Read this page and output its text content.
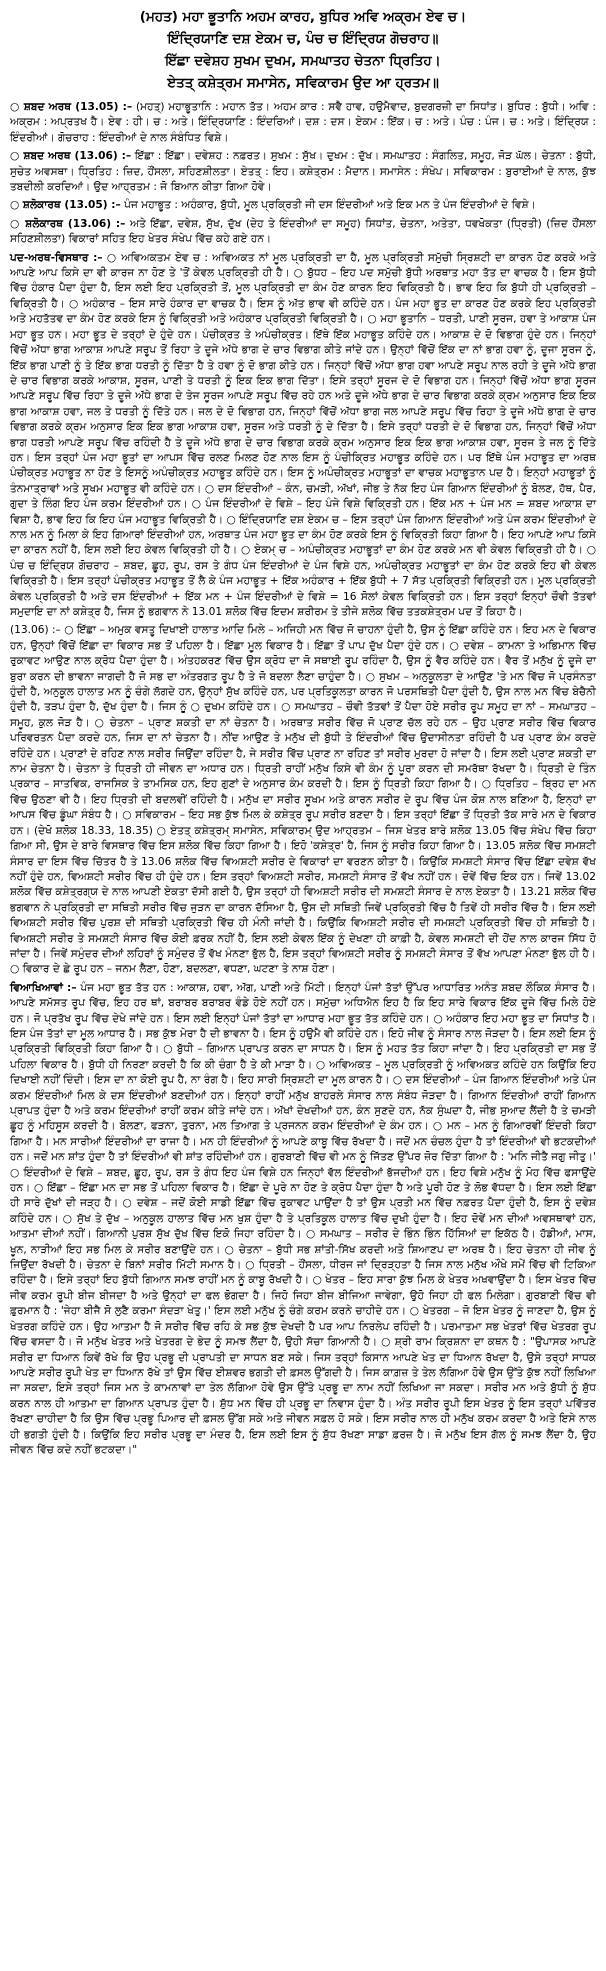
(ਮਹਤ) ਮਹਾ ਭੂਤਾਨਿ ਅਹਮ ਕਾਰਹ, ਬੁਧਿਰ ਅਵਿ ਅਕ੍ਰਮ ਏਵ ਚ।
ਇੰਦ੍ਰਿਯਾਣਿ ਦਸ਼ ਏਕਮ ਚ, ਪੰਚ ਚ ਇੰਦ੍ਰਿਯ ਗੋਚਰਾਹ॥
ਇੱਛਾ ਦਵੇਸ਼ਹ ਸੁਖਮ ਦੁਖਮ, ਸਮਘਾਤਹ ਚੇਤਨਾ ਧ੍ਰਿਤਿਹ।
ਏਤਤ੍ ਕਸ਼ੇਤ੍ਰਮ ਸਮਾਸੇਨ, ਸਵਿਕਾਰਮ ਉਦ ਆ ਹ੍ਰਤਮ॥

○ ਸ਼ਬਦ ਅਰਥ (13.05) :– (ਮਹਤ੍) ਮਹਾਭੂਤਾਨਿ : ਮਹਾਨ ਤੱਤ। ਅਹਮ ਕਾਰ : ਸਵੈ ਹਾਵ, ਹਉਮੈਵਾਦ, ਬੁਦਗਰਜ਼ੀ ਦਾ ਸਿਧਾਂਤ। ਬੁਧਿਰ : ਬੁੱਧੀ। ਅਵਿ : ਅਕ੍ਰਮ : ਅਪ੍ਰਤਖ ਹੈ। ਏਵ : ਹੀ। ਚ : ਅਤੇ। ਇੰਦ੍ਰਿਯਾਣਿ : ਇੰਦਰਿਆਂ। ਦਸ਼ : ਦਸ। ਏਕਮ : ਇੱਕ। ਚ : ਅਤੇ। ਪੰਚ : ਪੰਜ। ਚ : ਅਤੇ। ਇੰਦ੍ਰਿਯ : ਇੰਦਰੀਆਂ। ਗੋਚਰਾਹ : ਇੰਦਰੀਆਂ ਦੇ ਨਾਲ ਸੰਬੰਧਿਤ ਵਿਸ਼ੇ।

○ ਸ਼ਬਦ ਅਰਥ (13.06) :– ਇੱਛਾ : ਇੱਛਾ। ਦਵੇਸ਼ਹ : ਨਫ਼ਰਤ। ਸੁਖਮ : ਸੁੱਖ। ਦੁਖਮ : ਦੁੱਖ। ਸਮਘਾਤਹ : ਸੰਗਲਿਤ, ਸਮੂਹ, ਜੋੜ ਘੱਲ। ਚੇਤਨਾ : ਬੁੱਧੀ, ਸੁਚੇਤ ਅਵਸਥਾ। ਧ੍ਰਿਤਿਹ : ਜ਼ਿਦ, ਹੌਂਸਲਾ, ਸਹਿਣਸ਼ੀਲਤਾ। ਏਤਤ੍ : ਇਹ। ਕਸ਼ੇਤ੍ਰਮ : ਮੈਦਾਨ। ਸਮਾਸੇਨ : ਸੰਖੇਪ। ਸਵਿਕਾਰਮ : ਬੁਰਾਈਆਂ ਦੇ ਨਾਲ, ਕੁੱਝ ਤਬਦੀਲੀ ਕਰਦਿਆਂ। ਉਦ ਆਹ੍ਰਤਮ : ਜੋ ਬਿਆਨ ਕੀਤਾ ਗਿਆ ਹੋਵੇ।

○ ਸ਼ਲੋਕਾਰਥ (13.05) :– ਪੰਜ ਮਹਾਭੂਤ : ਅਹੰਕਾਰ, ਬੁੱਧੀ, ਮੂਲ ਪ੍ਰਕ੍ਰਿਤੀ ਜੀ ਦਸ ਇੰਦਰੀਆਂ ਅਤੇ ਇਕ ਮਨ ਤੇ ਪੰਜ ਇੰਦਰੀਆਂ ਦੇ ਵਿਸ਼ੇ।

○ ਸ਼ਲੋਕਾਰਥ (13.06) :– ਅਤੇ ਇੱਛਾ, ਦਵੇਸ਼, ਸੁੱਖ, ਦੁੱਖ (ਦੇਹ ਤੇ ਇੰਦਰੀਆਂ ਦਾ ਸਮੂਹ) ਸਿਧਾਂਤ, ਚੇਤਨਾ, ਅਤੇਤਾ, ਧਵਖੋਕਤਾ (ਧ੍ਰਿਤੀ) (ਜ਼ਿਦ ਹੌਂਸਲਾ ਸਹਿਣਸ਼ੀਲਤਾ) ਵਿਕਾਰਾਂ ਸਹਿਤ ਇਹ ਖੇਤਰ ਸੰਖੇਪ ਵਿੱਚ ਕਹੇ ਗਏ ਹਨ।

ਪਦ-ਅਰਥ-ਵਿਸਥਾਰ :– ○ ਅਵਿਅਕਤਮ ਏਵ ਚ : ਅਵਿਅਕਤ ਨਾਂ ਮੂਲ ਪ੍ਰਕ੍ਰਿਤੀ ਦਾ ਹੈ, ਮੂਲ ਪ੍ਰਕ੍ਰਿਤੀ ਸਮੁੱਚੀ ਸ੍ਰਿਸ਼ਟੀ ਦਾ ਕਾਰਨ ਹੋਣ ਕਰਕੇ ਅਤੇ ਆਪਣੇ ਆਪ ਕਿਸੇ ਦਾ ਵੀ ਕਾਰਜ ਨਾ ਹੋਣ ਤੇ 'ਤੋਂ ਕੇਵਲ ਪ੍ਰਕ੍ਰਿਤੀ ਹੀ ਹੈ। ○ ਬੁੱਧਹ – ਇਹ ਪਦ ਸਮੁੱਚੀ ਬੁੱਧੀ ਅਰਥਾਤ ਮਹਾ ਤੱਤ ਦਾ ਵਾਚਕ ਹੈ। ਇਸ ਬੁੱਧੀ ਵਿੱਚ ਹੰਕਾਰ ਪੈਦਾ ਹੁੰਦਾ ਹੈ, ਇਸ ਲਈ ਇਹ ਪ੍ਰਕ੍ਰਿਤੀ ਤੋਂ, ਮੂਲ ਪ੍ਰਕ੍ਰਿਤੀ ਦਾ ਕੰਮ ਹੋਣ ਕਾਰਨ ਇਹ ਵਿਕ੍ਰਿਤੀ ਹੈ। ਭਾਵ ਇਹ ਕਿ ਬੁੱਧੀ ਹੀ ਪ੍ਰਕ੍ਰਿਤੀ – ਵਿਕ੍ਰਿਤੀ ਹੈ। ○ ਅਹੰਕਾਰ – ਇਸ ਸਾਰੇ ਹੰਕਾਰ ਦਾ ਵਾਚਕ ਹੈ। ਇਸ ਨੂੰ ਅੱਤ ਭਾਵ ਵੀ ਕਹਿੰਦੇ ਹਨ। ਪੰਜ ਮਹਾ ਭੂਤ ਦਾ ਕਾਰਣ ਹੋਣ ਕਰਕੇ ਇਹ ਪ੍ਰਕ੍ਰਿਤੀ ਅਤੇ ਮਹਤੱਤਵ ਦਾ ਕੰਮ ਹੋਣ ਕਰਕੇ ਇਸ ਨੂੰ ਵਿਕ੍ਰਿਤੀ ਅਤੇ ਅਹੰਕਾਰ ਪ੍ਰਕ੍ਰਿਤੀ ਵਿਕ੍ਰਿਤੀ ਹੈ। ○ ਮਹਾ ਭੂਤਾਨਿ – ਧਰਤੀ, ਪਾਣੀ ਸੂਰਜ, ਹਵਾ ਤੇ ਆਕਾਸ਼ ਪੰਜ ਮਹਾ ਭੂਤ ਹਨ। ਮਹਾ ਭੂਤ ਦੇ ਤਰ੍ਹਾਂ ਦੇ ਹੁੰਦੇ ਹਨ। ਪੰਚੀਕ੍ਰਤ ਤੇ ਅਪੰਚੀਕ੍ਰਤ। ਇੱਥੇ ਇੱਕ ਮਹਾਭੂਤ ਕਹਿੰਦੇ ਹਨ। ਆਕਾਸ਼ ਦੇ ਦੋ ਵਿਭਾਗ ਹੁੰਦੇ ਹਨ। ਜਿਨ੍ਹਾਂ ਵਿੱਚੋਂ ਅੱਧਾ ਭਾਗ ਆਕਾਸ਼ ਆਪਣੇ ਸਰੂਪ ਤੋਂ ਰਿਹਾ ਤੇ ਦੂਜੇ ਅੱਧੇ ਭਾਗ ਦੇ ਚਾਰ ਵਿਭਾਗ ਕੀਤੇ ਜਾਂਦੇ ਹਨ। ਉਨ੍ਹਾਂ ਵਿੱਚੋਂ ਇੱਕ ਦਾ ਨਾਂ ਭਾਗ ਹਵਾ ਨੂੰ, ਦੂਜਾ ਸੂਰਜ ਨੂੰ, ਇੱਕ ਭਾਗ ਪਾਣੀ ਨੂੰ ਤੇ ਇੱਕ ਭਾਗ ਧਰਤੀ ਨੂੰ ਦਿੱਤਾ ਹੈ ਤੇ ਹਵਾ ਨੂੰ ਦੋ ਭਾਗ ਕੀਤੇ ਹਨ। ਜਿਨ੍ਹਾਂ ਵਿੱਚੋਂ ਅੱਧਾ ਭਾਗ ਹਵਾ ਆਪਣੇ ਸਰੂਪ ਨਾਲ ਰਹੀ ਤੇ ਦੂਜੇ ਅੱਧੇ ਭਾਗ ਦੇ ਚਾਰ ਵਿਭਾਗ ਕਰਕੇ ਆਕਾਸ਼, ਸੂਰਜ, ਪਾਣੀ ਤੇ ਧਰਤੀ ਨੂੰ ਇਕ ਇਕ ਭਾਗ ਦਿੱਤਾ। ਇਸੇ ਤਰ੍ਹਾਂ ਸੂਰਜ ਦੇ ਦੋ ਵਿਭਾਗ ਹਨ। ਜਿਨ੍ਹਾਂ ਵਿੱਚੋਂ ਅੱਧਾ ਭਾਗ ਸੂਰਜ ਆਪਣੇ ਸਰੂਪ ਵਿੱਚ ਰਿਹਾ ਤੇ ਦੂਜੇ ਅੱਧੇ ਭਾਗ ਦੇ ਤੇਜ ਸੂਰਜ ਆਪਣੇ ਸਰੂਪ ਵਿੱਚ ਰਹੇ ਹਨ ਅਤੇ ਦੂਜੇ ਅੱਧੇ ਭਾਗ ਦੇ ਚਾਰ ਵਿਭਾਗ ਕਰਕੇ ਕ੍ਰਮ ਅਨੁਸਾਰ ਇਕ ਇਕ ਭਾਗ ਆਕਾਸ਼ ਹਵਾ, ਜਲ ਤੇ ਧਰਤੀ ਨੂੰ ਦਿੱਤੇ ਹਨ। ਜਲ ਦੇ ਦੋ ਵਿਭਾਗ ਹਨ, ਜਿਨ੍ਹਾਂ ਵਿੱਚੋਂ ਅੱਧਾ ਭਾਗ ਜਲ ਆਪਣੇ ਸਰੂਪ ਵਿੱਚ ਰਿਹਾ ਤੇ ਦੂਜੇ ਅੱਧੇ ਭਾਗ ਦੇ ਚਾਰ ਵਿਭਾਗ ਕਰਕੇ ਕ੍ਰਮ ਅਨੁਸਾਰ ਇਕ ਇਕ ਭਾਗ ਆਕਾਸ਼ ਹਵਾ, ਸੂਰਜ ਅਤੇ ਧਰਤੀ ਨੂੰ ਦੇ ਦਿੱਤਾ ਹੈ। ਇਸੇ ਤਰ੍ਹਾਂ ਧਰਤੀ ਦੇ ਦੋ ਵਿਭਾਗ ਹਨ, ਜਿਨ੍ਹਾਂ ਵਿੱਚੋਂ ਅੱਧਾ ਭਾਗ ਧਰਤੀ ਆਪਣੇ ਸਰੂਪ ਵਿੱਚ ਰਹਿੰਦੀ ਹੈ ਤੇ ਦੂਜੇ ਅੱਧੇ ਭਾਗ ਦੇ ਚਾਰ ਵਿਭਾਗ ਕਰਕੇ ਕ੍ਰਮ ਅਨੁਸਾਰ ਇਕ ਇਕ ਭਾਗ ਆਕਾਸ਼ ਹਵਾ, ਸੂਰਜ ਤੇ ਜਲ ਨੂੰ ਦਿੱਤੇ ਹਨ। ਇਸ ਤਰ੍ਹਾਂ ਪੰਜ ਮਹਾ ਭੂਤਾਂ ਦਾ ਆਪਸ ਵਿੱਚ ਰਲਣ ਮਿਲਣ ਹੋਣ ਨਾਲ ਇਸ ਨੂੰ ਪੰਚੀਕ੍ਰਿਤ ਮਹਾਭੂਤ ਕਹਿੰਦੇ ਹਨ। ਪਰ ਇੱਥੇ ਪੰਜ ਮਹਾਭੂਤ ਦਾ ਅਰਥ ਪੰਚੀਕ੍ਰਤ ਮਹਾਭੂਤ ਨਾ ਹੋਣ ਤੇ ਇਸਨੂੰ ਅਪੰਚੀਕ੍ਰਤ ਮਹਾਭੂਤ ਕਹਿੰਦੇ ਹਨ। ਇਸ ਨੂੰ ਅਪੰਚੀਕ੍ਰਤ ਮਹਾਭੂਤਾਂ ਦਾ ਵਾਚਕ ਮਹਾਭੂਤਾਨ ਪਦ ਹੈ। ਇਨ੍ਹਾਂ ਮਹਾਭੂਤਾਂ ਨੂੰ ਤੰਨਮਾਤ੍ਰਾਵਾਂ ਅਤੇ ਸੂਖਮ ਮਹਾਭੂਤ ਵੀ ਕਹਿੰਦੇ ਹਨ। ○ ਦਸ ਇੰਦਰੀਆਂ – ਕੰਨ, ਚਮੜੀ, ਅੱਖਾਂ, ਜੀਭ ਤੇ ਨੱਕ ਇਹ ਪੰਜ ਗਿਆਨ ਇੰਦਰੀਆਂ ਨੂੰ ਬੋਲਣ, ਹੱਥ, ਪੈਰ, ਗੁਦਾ ਤੇ ਲਿੰਗ ਇਹ ਪੰਜ ਕਰਮ ਇੰਦਰੀਆਂ ਹਨ। ○ ਪੰਜ ਇੰਦਰੀਆਂ ਦੇ ਵਿਸ਼ੇ – ਇਹ ਪੰਜੇ ਵਿਸ਼ੇ ਵਿਕ੍ਰਿਤੀ ਹਨ। ਇੱਕ ਮਨ + ਪੰਜ ਮਨ = ਸ਼ਬਦ ਆਕਾਸ਼ ਦਾ ਵਿਸ਼ਾ ਹੈ, ਭਾਵ ਇਹ ਕਿ ਇਹ ਪੰਜ ਮਹਾਭੂਤ ਵਿਕ੍ਰਿਤੀ ਹੈ। ○ ਇੰਦ੍ਰਿਯਾਣਿ ਦਸ਼ ਏਕਮ ਚ – ਇਸ ਤਰ੍ਹਾਂ ਪੰਜ ਗਿਆਨ ਇੰਦਰੀਆਂ ਅਤੇ ਪੰਜ ਕਰਮ ਇੰਦਰੀਆਂ ਦੇ ਨਾਲ ਮਨ ਨੂੰ ਮਿਲਾ ਕੇ ਇਹ ਗਿਆਰਾਂ ਇੰਦਰੀਆਂ ਹਨ, ਅਰਥਾਤ ਪੰਜ ਮਹਾ ਭੂਤ ਦਾ ਕੰਮ ਹੋਣ ਕਰਕੇ ਇਸ ਨੂੰ ਵਿਕ੍ਰਿਤੀ ਕਿਹਾ ਗਿਆ ਹੈ। ਇਹ ਆਪਣੇ ਆਪ ਕਿਸੇ ਦਾ ਕਾਰਨ ਨਹੀਂ ਹੈ, ਇਸ ਲਈ ਇਹ ਕੇਵਲ ਵਿਕ੍ਰਿਤੀ ਹੀ ਹੈ। ○ ਏਕਮ੍ ਚ – ਅਪੰਚੀਕ੍ਰਤ ਮਹਾਭੂਤਾਂ ਦਾ ਕੰਮ ਹੋਣ ਕਰਕੇ ਮਨ ਵੀ ਕੇਵਲ ਵਿਕ੍ਰਿਤੀ ਹੀ ਹੈ। ○ ਪੰਚ ਚ ਇੰਦ੍ਰਿਯ ਗੋਚਰਾਹ – ਸ਼ਬਦ, ਛੂਹ, ਰੂਪ, ਰਸ ਤੇ ਗੰਧ ਪੰਜ ਇੰਦਰੀਆਂ ਦੇ ਪੰਜ ਵਿਸ਼ੇ ਹਨ, ਅਪੰਚੀਕ੍ਰਤ ਮਹਾਭੂਤਾਂ ਦਾ ਕੰਮ ਹੋਣ ਕਰਕੇ ਇਹ ਵੀ ਕੇਵਲ ਵਿਕ੍ਰਿਤੀ ਹੈ। ਇਸ ਤਰ੍ਹਾਂ ਪੰਚੀਕ੍ਰਤ ਮਹਾਭੂਤ ਤੋਂ ਲੈ ਕੇ ਪੰਜ ਮਹਾਭੂਤ + ਇੱਕ ਅਹੰਕਾਰ + ਇੱਕ ਬੁੱਧੀ + 7 ਸੱਤ ਪ੍ਰਕ੍ਰਿਤੀ ਵਿਕ੍ਰਿਤੀ ਹਨ। ਮੂਲ ਪ੍ਰਕ੍ਰਿਤੀ ਕੇਵਲ ਪ੍ਰਕ੍ਰਿਤੀ ਹੈ ਅਤੇ ਦਸ ਇੰਦਰੀਆਂ + ਇੱਕ ਮਨ + ਪੰਜ ਇੰਦਰੀਆਂ ਦੇ ਵਿਸ਼ੇ = 16 ਸੋਲਾਂ ਕੇਵਲ ਵਿਕ੍ਰਿਤੀ ਹਨ। ਇਸ ਤਰ੍ਹਾਂ ਇਨ੍ਹਾਂ ਚੌਵੀ ਤੱਤਵਾਂ ਸਮੁਦਾਇ ਦਾ ਨਾਂ ਕਸ਼ੇਤ੍ਰ ਹੈ, ਜਿਸ ਨੂੰ ਭਗਵਾਨ ਨੇ 13.01 ਸ਼ਲੋਕ ਵਿੱਚ ਇਦਮ ਸ਼ਰੀਰਮ ਤੇ ਤੀਜੇ ਸ਼ਲੋਕ ਵਿੱਚ ਤਤਕਸ਼ੇਤ੍ਰਮ ਪਦ ਤੋਂ ਕਿਹਾ ਹੈ।

(13.06) :– ○ ਇੱਛਾ – ਅਮੁਕ ਵਸਤੂ ਦਿਖਾਈ ਹਾਲਾਤ ਆਦਿ ਮਿਲੇ – ਅਜਿਹੀ ਮਨ ਵਿੱਚ ਜੋ ਚਾਹਨਾ ਹੁੰਦੀ ਹੈ, ਉਸ ਨੂੰ ਇੱਛਾ ਕਹਿੰਦੇ ਹਨ। ਇਹ ਮਨ ਦੇ ਵਿਕਾਰ ਹਨ, ਉਨ੍ਹਾਂ ਵਿੱਚੋਂ ਇੱਛਾ ਦਾ ਵਿਕਾਰ ਸਭ ਤੋਂ ਪਹਿਲਾ ਹੈ। ਇੱਛਾ ਮੂਲ ਵਿਕਾਰ ਹੈ। ਇੱਛਾ ਤੋਂ ਪਾਪ ਦੁੱਖ ਪੈਦਾ ਹੁੰਦੇ ਹਨ। ○ ਦਵੇਸ਼ – ਕਾਮਨਾ ਤੇ ਅਭਿਮਾਨ ਵਿੱਚ ਰੁਕਾਵਟ ਆਉਣ ਨਾਲ ਕ੍ਰੋਧ ਪੈਦਾ ਹੁੰਦਾ ਹੈ। ਅੰਤਹਕਰਣ ਵਿੱਚ ਉਸ ਕ੍ਰੋਧ ਦਾ ਜੋ ਸਥਾਈ ਰੂਪ ਰਹਿੰਦਾ ਹੈ, ਉਸ ਨੂੰ ਵੈਰ ਕਹਿੰਦੇ ਹਨ। ਵੈਰ ਤੋਂ ਮਨੁੱਖ ਨੂੰ ਦੂਜੇ ਦਾ ਬੁਰਾ ਕਰਨ ਦੀ ਭਾਵਨਾ ਜਾਗਦੀ ਹੈ ਜੋ ਸਭ ਦਾ ਅੰਤਰਗਤ ਰੂਪ ਹੈ ਤੇ ਜੋ ਬਦਲਾ ਲੈਣਾ ਚਾਹੁੰਦਾ ਹੈ। ○ ਸੁਖਮ – ਅਨੁਕੂਲਤਾ ਦੇ ਆਉਣ 'ਤੇ ਮਨ ਵਿੱਚ ਜੋ ਪ੍ਰਸੰਨਤਾ ਹੁੰਦੀ ਹੈ, ਅਨੁਕੂਲ ਹਾਲਾਤ ਮਨ ਨੂੰ ਚੰਗੇ ਲੱਗਦੇ ਹਨ, ਉਨ੍ਹਾਂ ਸੁੱਖ ਕਹਿੰਦੇ ਹਨ, ਪਰ ਪ੍ਰਤਿਕੂਲਤਾ ਕਾਰਨ ਜੋ ਪਰਸਥਿਤੀ ਪੈਦਾ ਹੁੰਦੀ ਹੈ, ਉਸ ਨਾਲ ਮਨ ਵਿੱਚ ਬੇਚੈਨੀ ਹੁੰਦੀ ਹੈ, ਤੜਪ ਹੁੰਦਾ ਹੈ, ਦੁੱਖ ਹੁੰਦਾ ਹੈ। ਜਿਸ ਨੂੰ ○ ਦੁਖਮ ਕਹਿੰਦੇ ਹਨ। ○ ਸਮਘਾਤਹ – ਚੌਵੀ ਤੱਤਵਾਂ ਤੋਂ ਪੈਦਾ ਹੋਏ ਸਰੀਰ ਰੂਪ ਸਮੂਹ ਦਾ ਨਾਂ – ਸਮਘਾਤਹ – ਸਮੂਹ, ਕੁਲ ਜੋੜ ਹੈ। ○ ਚੇਤਨਾ – ਪ੍ਰਾਣ ਸ਼ਕਤੀ ਦਾ ਨਾਂ ਚੇਤਨਾ ਹੈ। ਅਰਥਾਤ ਸਰੀਰ ਵਿੱਚ ਜੋ ਪ੍ਰਾਣ ਚੱਲ ਰਹੇ ਹਨ – ਉਹ ਪ੍ਰਾਣ ਸਰੀਰ ਵਿੱਚ ਵਿਕਾਰ ਪਰਿਵਰਤਨ ਪੈਦਾ ਕਰਦੇ ਹਨ, ਜਿਸ ਦਾ ਨਾਂ ਚੇਤਨਾ ਹੈ। ਨੀਂਦ ਆਉਣ ਤੇ ਮਨੁੱਖ ਦੀ ਬੁੱਧੀ ਤੇ ਇੰਦਰੀਆਂ ਵਿੱਚ ਉਦਾਸੀਨਤਾ ਰਹਿੰਦੀ ਹੈ ਪਰ ਪ੍ਰਾਣ ਕੰਮ ਕਰਦੇ ਰਹਿੰਦੇ ਹਨ। ਪ੍ਰਾਣਾਂ ਦੇ ਰਹਿਣ ਨਾਲ ਸਰੀਰ ਜਿਉਂਦਾ ਰਹਿੰਦਾ ਹੈ, ਜੇ ਸਰੀਰ ਵਿੱਚ ਪ੍ਰਾਣ ਨਾ ਰਹਿਣ ਤਾਂ ਸਰੀਰ ਮੁਰਦਾ ਹੋ ਜਾਂਦਾ ਹੈ। ਇਸ ਲਈ ਪ੍ਰਾਣ ਸ਼ਕਤੀ ਦਾ ਨਾਮ ਚੇਤਨਾ ਹੈ। ਚੇਤਨਾ ਤੇ ਧ੍ਰਿਤੀ ਹੀ ਜੀਵਨ ਦਾ ਅਧਾਰ ਹਨ। ਧ੍ਰਿਤੀ ਰਾਹੀਂ ਮਨੁੱਖ ਕਿਸੇ ਵੀ ਕੰਮ ਨੂੰ ਪੂਰਾ ਕਰਨ ਦੀ ਸਮਰੱਥਾ ਰੱਖਦਾ ਹੈ। ਧ੍ਰਿਤੀ ਦੇ ਤਿੰਨ ਪ੍ਰਕਾਰ – ਸਾਤਵਿਕ, ਰਾਜਸਿਕ ਤੇ ਤਾਮਸਿਕ ਹਨ, ਇਹ ਗੁਣਾਂ ਦੇ ਅਨੁਸਾਰ ਕੰਮ ਕਰਦੀ ਹੈ। ਇਸ ਨੂੰ ਧ੍ਰਿਤੀ ਕਿਹਾ ਗਿਆ ਹੈ। ○ ਧ੍ਰਿਤਿਹ – ਬ੍ਰਿਹ ਦਾ ਮਨ ਵਿੱਚ ਉਠਣਾ ਵੀ ਹੈ। ਇਹ ਧ੍ਰਿਤੀ ਦੀ ਬਦਲਵੀਂ ਰਹਿੰਦੀ ਹੈ। ਮਨੁੱਖ ਦਾ ਸਰੀਰ ਸੂਖਮ ਅਤੇ ਕਾਰਨ ਸਰੀਰ ਦੇ ਰੂਪ ਵਿੱਚ ਪੰਜ ਕੋਸ਼ ਨਾਲ ਬਣਿਆ ਹੈ, ਇਨ੍ਹਾਂ ਦਾ ਆਪਸ ਵਿੱਚ ਡੂੰਘਾ ਸੰਬੰਧ ਹੈ। ○ ਸਵਿਕਾਰਮ – ਇਹ ਸਭ ਕੁੱਝ ਮਿਲ ਕੇ ਕਸ਼ੇਤ੍ਰ ਰੂਪ ਸਰੀਰ ਬਣਦਾ ਹੈ। ਇਸ ਤਰ੍ਹਾਂ ਇੱਛਾ ਤੋਂ ਧ੍ਰਿਤੀ ਤੱਕ ਸਾਰੇ ਮਨ ਦੇ ਵਿਕਾਰ ਹਨ। (ਦੇਖੋ ਸ਼ਲੋਕ 18.33, 18.35) ○ ਏਤਤ੍ ਕਸ਼ੇਤ੍ਰਮ੍ ਸਮਾਸੇਨ, ਸਵਿਕਾਰਮ੍ ਉਦ ਆਹ੍ਰਤਮ – ਜਿਸ ਖੇਤਰ ਬਾਰੇ ਸ਼ਲੋਕ 13.05 ਵਿੱਚ ਸੰਖੇਪ ਵਿੱਚ ਕਿਹਾ ਗਿਆ ਸੀ, ਉਸ ਦੇ ਬਾਰੇ ਵਿਸਥਾਰ ਵਿੱਚ ਇਸ ਸ਼ਲੋਕ ਵਿੱਚ ਕਿਹਾ ਗਿਆ ਹੈ। ਇਹੋ 'ਕਸ਼ੇਤ੍ਰ' ਹੈ, ਜਿਸ ਨੂੰ ਸਰੀਰ ਕਿਹਾ ਗਿਆ ਹੈ। 13.05 ਸ਼ਲੋਕ ਵਿੱਚ ਸਮਸ਼ਟੀ ਸੰਸਾਰ ਦਾ ਇਸ ਵਿੱਚ ਚਿੱਤਰ ਹੈ ਤੇ 13.06 ਸ਼ਲੋਕ ਵਿੱਚ ਵਿਅਸ਼ਟੀ ਸਰੀਰ ਦੇ ਵਿਕਾਰਾਂ ਦਾ ਵਰਣਨ ਕੀਤਾ ਹੈ। ਕਿਉਂਕਿ ਸਮਸ਼ਟੀ ਸੰਸਾਰ ਵਿੱਚ ਇੱਛਾ ਦਵੇਸ਼ ਵੱਖ ਨਹੀਂ ਹੁੰਦੇ ਹਨ, ਵਿਅਸ਼ਟੀ ਸਰੀਰ ਵਿੱਚ ਹੀ ਹੁੰਦੇ ਹਨ। ਇਸ ਤਰ੍ਹਾਂ ਵਿਅਸ਼ਟੀ ਸਰੀਰ, ਸਮਸ਼ਟੀ ਸੰਸਾਰ ਤੋਂ ਵੱਖ ਨਹੀਂ ਹਨ। ਦੋਵੇਂ ਵਿੱਚ ਇਕ ਹਨ। ਜਿਵੇਂ 13.02 ਸ਼ਲੋਕ ਵਿੱਚ ਕਸ਼ੇਤ੍ਰਗ੍ਯ ਦੇ ਨਾਲ ਆਪਣੀ ਏਕਤਾ ਦੱਸੀ ਗਈ ਹੈ, ਉਸ ਤਰ੍ਹਾਂ ਹੀ ਵਿਅਸ਼ਟੀ ਸਰੀਰ ਦੀ ਸਮਸ਼ਟੀ ਸੰਸਾਰ ਦੇ ਨਾਲ ਏਕਤਾ ਹੈ। 13.21 ਸ਼ਲੋਕ ਵਿੱਚ ਭਗਵਾਨ ਨੇ ਪ੍ਰਕ੍ਰਿਤੀ ਦਾ ਸਥਿਤੀ ਸਰੀਰ ਵਿੱਚ ਜੁੜਨ ਦਾ ਕਾਰਨ ਦੱਸਿਆ ਹੈ, ਉਸ ਦੀ ਸਥਿਤੀ ਜਿਵੇਂ ਪ੍ਰਕ੍ਰਿਤੀ ਵਿੱਚ ਹੈ ਤਿਵੇਂ ਹੀ ਸਰੀਰ ਵਿੱਚ ਹੈ। ਇਸ ਲਈ ਵਿਅਸ਼ਟੀ ਸਰੀਰ ਵਿੱਚ ਪੁਰਸ਼ ਦੀ ਸਥਿਤੀ ਪ੍ਰਕ੍ਰਿਤੀ ਵਿੱਚ ਹੀ ਮੰਨੀ ਜਾਂਦੀ ਹੈ। ਕਿਉਂਕਿ ਵਿਅਸ਼ਟੀ ਸਰੀਰ ਦੀ ਸਮਸ਼ਟੀ ਪ੍ਰਕ੍ਰਿਤੀ ਵਿੱਚ ਹੀ ਸਥਿਤੀ ਹੈ। ਵਿਅਸ਼ਟੀ ਸਰੀਰ ਤੇ ਸਮਸ਼ਟੀ ਸੰਸਾਰ ਵਿੱਚ ਕੋਈ ਫ਼ਰਕ ਨਹੀਂ ਹੈ, ਇਸ ਲਈ ਕੇਵਲ ਇੱਕ ਨੂੰ ਦੇਖਣਾ ਹੀ ਕਾਫ਼ੀ ਹੈ, ਕੇਵਲ ਸਮਸ਼ਟੀ ਦੀ ਹੋਂਦ ਨਾਲ ਕਾਰਜ ਸਿੱਧ ਹੋ ਜਾਂਦਾ ਹੈ। ਜਿਵੇਂ ਸਮੁੰਦਰ ਦੀਆਂ ਲਹਿਰਾਂ ਨੂੰ ਸਮੁੰਦਰ ਤੋਂ ਵੱਖ ਮੰਨਣਾ ਭੁੱਲ ਹੈ, ਇਸ ਤਰ੍ਹਾਂ ਵਿਅਸ਼ਟੀ ਸਰੀਰ ਨੂੰ ਸਮਸ਼ਟੀ ਸੰਸਾਰ ਤੋਂ ਵੱਖ ਆਪਣਾ ਮੰਨਣਾ ਭੁੱਲ ਹੀ ਹੈ। ○ ਵਿਕਾਰ ਦੇ ਛੇ ਰੂਪ ਹਨ – ਜਨਮ ਲੈਣਾ, ਹੋਣਾ, ਬਦਲਣਾ, ਵਧਣਾ, ਘਟਣਾ ਤੇ ਨਾਸ਼ ਹੋਣਾ।

ਵਿਆਖਿਆਵਾਂ :– ਪੰਜ ਮਹਾ ਭੂਤ ਤੱਤ ਹਨ : ਆਕਾਸ਼, ਹਵਾ, ਅੱਗ, ਪਾਣੀ ਅਤੇ ਮਿੱਟੀ। ਇਨ੍ਹਾਂ ਪੰਜਾਂ ਤੱਤਾਂ ਉੱਪਰ ਆਧਾਰਿਤ ਅਨੰਤ ਸ਼ਬਦ ਲੌਕਿਕ ਸੰਸਾਰ ਹੈ। ਆਪਣੇ ਸਮੱਸਤ ਰੂਪ ਵਿੱਚ, ਇਹ ਹਰ ਥਾਂ, ਬਰਾਬਰ ਬਰਾਬਰ ਵੰਡੇ ਹੋਏ ਨਹੀਂ ਹਨ। ਸਮੁੱਚਾ ਅਧਿਐਨ ਇਹ ਹੈ ਕਿ ਇਹ ਸਾਰੇ ਵਿਕਾਰ ਇੱਕ ਦੂਜੇ ਵਿੱਚ ਮਿਲੇ ਹੋਏ ਹਨ। ਜੋ ਪ੍ਰਤੱਖ ਰੂਪ ਵਿੱਚ ਦੇਖੇ ਜਾਂਦੇ ਹਨ। ਇਸ ਲਈ ਇਨ੍ਹਾਂ ਪੰਜਾਂ ਤੱਤਾਂ ਦਾ ਆਧਾਰ ਮਹਾ ਭੂਤ ਤੱਤ ਕਹਿੰਦੇ ਹਨ। ○ ਅਹੰਕਾਰ ਇਹ ਮਹਾ ਭੂਤ ਦਾ ਸਿਧਾਂਤ ਹੈ। ਇਸ ਪੰਜ ਤੱਤਾਂ ਦਾ ਮੂਲ ਆਧਾਰ ਹੈ। ਸਭ ਕੁੱਝ ਮੇਰਾ ਹੈ ਦੀ ਭਾਵਨਾ ਹੈ। ਇਸ ਨੂੰ ਹਉਮੈ ਵੀ ਕਹਿੰਦੇ ਹਨ। ਇਹੋ ਜੀਵ ਨੂੰ ਸੰਸਾਰ ਨਾਲ ਜੋੜਦਾ ਹੈ। ਇਸ ਲਈ ਇਸ ਨੂੰ ਪ੍ਰਕ੍ਰਿਤੀ ਵਿਕ੍ਰਿਤੀ ਕਿਹਾ ਗਿਆ ਹੈ। ○ ਬੁੱਧੀ – ਗਿਆਨ ਪ੍ਰਾਪਤ ਕਰਨ ਦਾ ਸਾਧਨ ਹੈ। ਇਸ ਨੂੰ ਮਹਤ ਤੱਤ ਕਿਹਾ ਜਾਂਦਾ ਹੈ। ਇਹ ਪ੍ਰਕ੍ਰਿਤੀ ਦਾ ਸਭ ਤੋਂ ਪਹਿਲਾ ਵਿਕਾਰ ਹੈ। ਬੁੱਧੀ ਹੀ ਨਿਰਣਾ ਕਰਦੀ ਹੈ ਕਿ ਕੀ ਚੰਗਾ ਹੈ ਤੇ ਕੀ ਮਾੜਾ ਹੈ। ○ ਅਵਿਅਕਤ – ਮੂਲ ਪ੍ਰਕ੍ਰਿਤੀ ਨੂੰ ਅਵਿਅਕਤ ਕਹਿੰਦੇ ਹਨ ਕਿਉਂਕਿ ਇਹ ਦਿਖਾਈ ਨਹੀਂ ਦਿੰਦੀ। ਇਸ ਦਾ ਨਾ ਕੋਈ ਰੂਪ ਹੈ, ਨਾ ਰੰਗ ਹੈ। ਇਹ ਸਾਰੀ ਸ੍ਰਿਸ਼ਟੀ ਦਾ ਮੂਲ ਕਾਰਨ ਹੈ। ○ ਦਸ ਇੰਦਰੀਆਂ – ਪੰਜ ਗਿਆਨ ਇੰਦਰੀਆਂ ਅਤੇ ਪੰਜ ਕਰਮ ਇੰਦਰੀਆਂ ਮਿਲ ਕੇ ਦਸ ਇੰਦਰੀਆਂ ਬਣਦੀਆਂ ਹਨ। ਇਨ੍ਹਾਂ ਰਾਹੀਂ ਮਨੁੱਖ ਬਾਹਰਲੇ ਸੰਸਾਰ ਨਾਲ ਸੰਬੰਧ ਜੋੜਦਾ ਹੈ। ਗਿਆਨ ਇੰਦਰੀਆਂ ਰਾਹੀਂ ਗਿਆਨ ਪ੍ਰਾਪਤ ਹੁੰਦਾ ਹੈ ਅਤੇ ਕਰਮ ਇੰਦਰੀਆਂ ਰਾਹੀਂ ਕਰਮ ਕੀਤੇ ਜਾਂਦੇ ਹਨ। ਅੱਖਾਂ ਦੇਖਦੀਆਂ ਹਨ, ਕੰਨ ਸੁਣਦੇ ਹਨ, ਨੱਕ ਸੁੰਘਦਾ ਹੈ, ਜੀਭ ਸੁਆਦ ਲੈਂਦੀ ਹੈ ਤੇ ਚਮੜੀ ਛੂਹ ਨੂੰ ਮਹਿਸੂਸ ਕਰਦੀ ਹੈ। ਬੋਲਣਾ, ਫੜਨਾ, ਤੁਰਨਾ, ਮਲ ਤਿਆਗ ਤੇ ਪ੍ਰਜਨਨ ਕਰਮ ਇੰਦਰੀਆਂ ਦੇ ਕੰਮ ਹਨ। ○ ਮਨ – ਮਨ ਨੂੰ ਗਿਆਰਵੀਂ ਇੰਦਰੀ ਕਿਹਾ ਗਿਆ ਹੈ। ਮਨ ਸਾਰੀਆਂ ਇੰਦਰੀਆਂ ਦਾ ਰਾਜਾ ਹੈ। ਮਨ ਹੀ ਇੰਦਰੀਆਂ ਨੂੰ ਆਪਣੇ ਕਾਬੂ ਵਿੱਚ ਰੱਖਦਾ ਹੈ। ਜਦੋਂ ਮਨ ਚੰਚਲ ਹੁੰਦਾ ਹੈ ਤਾਂ ਇੰਦਰੀਆਂ ਵੀ ਭਟਕਦੀਆਂ ਹਨ। ਜਦੋਂ ਮਨ ਸ਼ਾਂਤ ਹੁੰਦਾ ਹੈ ਤਾਂ ਇੰਦਰੀਆਂ ਵੀ ਸ਼ਾਂਤ ਰਹਿੰਦੀਆਂ ਹਨ। ਗੁਰਬਾਣੀ ਵਿੱਚ ਵੀ ਮਨ ਨੂੰ ਜਿੱਤਣ ਉੱਪਰ ਜ਼ੋਰ ਦਿੱਤਾ ਗਿਆ ਹੈ : 'ਮਨਿ ਜੀਤੈ ਜਗੁ ਜੀਤੁ।' ○ ਇੰਦਰੀਆਂ ਦੇ ਵਿਸ਼ੇ – ਸ਼ਬਦ, ਛੂਹ, ਰੂਪ, ਰਸ ਤੇ ਗੰਧ ਇਹ ਪੰਜ ਵਿਸ਼ੇ ਹਨ ਜਿਨ੍ਹਾਂ ਵੱਲ ਇੰਦਰੀਆਂ ਭੱਜਦੀਆਂ ਹਨ। ਇਹ ਵਿਸ਼ੇ ਮਨੁੱਖ ਨੂੰ ਮੋਹ ਵਿੱਚ ਫਸਾਉਂਦੇ ਹਨ। ○ ਇੱਛਾ – ਇੱਛਾ ਮਨ ਦਾ ਸਭ ਤੋਂ ਪਹਿਲਾ ਵਿਕਾਰ ਹੈ। ਇੱਛਾ ਦੇ ਪੂਰੇ ਨਾ ਹੋਣ ਤੇ ਕ੍ਰੋਧ ਪੈਦਾ ਹੁੰਦਾ ਹੈ ਅਤੇ ਪੂਰੀ ਹੋਣ ਤੇ ਲੋਭ ਵੱਧਦਾ ਹੈ। ਇਸ ਲਈ ਇੱਛਾ ਹੀ ਸਾਰੇ ਦੁੱਖਾਂ ਦੀ ਜੜ੍ਹ ਹੈ। ○ ਦਵੇਸ਼ – ਜਦੋਂ ਕੋਈ ਸਾਡੀ ਇੱਛਾ ਵਿੱਚ ਰੁਕਾਵਟ ਪਾਉਂਦਾ ਹੈ ਤਾਂ ਉਸ ਪ੍ਰਤੀ ਮਨ ਵਿੱਚ ਨਫ਼ਰਤ ਪੈਦਾ ਹੁੰਦੀ ਹੈ, ਇਸ ਨੂੰ ਦਵੇਸ਼ ਕਹਿੰਦੇ ਹਨ। ○ ਸੁੱਖ ਤੇ ਦੁੱਖ – ਅਨੁਕੂਲ ਹਾਲਾਤ ਵਿੱਚ ਮਨ ਖੁਸ਼ ਹੁੰਦਾ ਹੈ ਤੇ ਪ੍ਰਤਿਕੂਲ ਹਾਲਾਤ ਵਿੱਚ ਦੁਖੀ ਹੁੰਦਾ ਹੈ। ਇਹ ਦੋਵੇਂ ਮਨ ਦੀਆਂ ਅਵਸਥਾਵਾਂ ਹਨ, ਆਤਮਾ ਦੀਆਂ ਨਹੀਂ। ਗਿਆਨੀ ਪੁਰਸ਼ ਸੁੱਖ ਦੁੱਖ ਵਿੱਚ ਇਕੋ ਜਿਹਾ ਰਹਿੰਦਾ ਹੈ। ○ ਸਮਘਾਤ – ਸਰੀਰ ਦੇ ਭਿੰਨ ਭਿੰਨ ਹਿੱਸਿਆਂ ਦਾ ਇਕੱਠ ਹੈ। ਹੱਡੀਆਂ, ਮਾਸ, ਖੂਨ, ਨਾੜੀਆਂ ਇਹ ਸਭ ਮਿਲ ਕੇ ਸਰੀਰ ਬਣਾਉਂਦੇ ਹਨ। ○ ਚੇਤਨਾ – ਬੁੱਧੀ ਸਭ ਸ਼ਾਂਤੀ-ਸਿੱਖ ਕਰਦੀ ਅਤੇ ਸ਼ਿਆਣਪ ਦਾ ਅਰਥ ਹੈ। ਇਹ ਚੇਤਨਾ ਹੀ ਜੀਵ ਨੂੰ ਜਿਉਂਦਾ ਰੱਖਦੀ ਹੈ। ਚੇਤਨਾ ਦੇ ਬਿਨਾਂ ਸਰੀਰ ਮਿੱਟੀ ਸਮਾਨ ਹੈ। ○ ਧ੍ਰਿਤੀ – ਹੌਂਸਲਾ, ਧੀਰਜ ਜਾਂ ਦ੍ਰਿੜ੍ਹਤਾ ਹੈ ਜਿਸ ਨਾਲ ਮਨੁੱਖ ਔਖੇ ਸਮੇਂ ਵਿੱਚ ਵੀ ਟਿਕਿਆ ਰਹਿੰਦਾ ਹੈ। ਇਸੇ ਤਰ੍ਹਾਂ ਇਹ ਬੁੱਧੀ ਗਿਆਨ ਸਮਝ ਰਾਹੀਂ ਮਨ ਨੂੰ ਕਾਬੂ ਰੱਖਦੀ ਹੈ। ○ ਖੇਤਰ – ਇਹ ਸਾਰਾ ਕੁੱਝ ਮਿਲ ਕੇ ਖੇਤਰ ਅਖਵਾਉਂਦਾ ਹੈ। ਇਸ ਖੇਤਰ ਵਿੱਚ ਜੀਵ ਕਰਮ ਰੂਪੀ ਬੀਜ ਬੀਜਦਾ ਹੈ ਅਤੇ ਉਨ੍ਹਾਂ ਦਾ ਫਲ ਭੋਗਦਾ ਹੈ। ਜਿਹੋ ਜਿਹਾ ਬੀਜ ਬੀਜਿਆ ਜਾਵੇਗਾ, ਉਹੋ ਜਿਹਾ ਹੀ ਫਲ ਮਿਲੇਗਾ। ਗੁਰਬਾਣੀ ਵਿੱਚ ਵੀ ਫ਼ੁਰਮਾਨ ਹੈ : 'ਜੇਹਾ ਬੀਜੈ ਸੋ ਲੁਣੈ ਕਰਮਾ ਸੰਦੜਾ ਖੇਤੁ।' ਇਸ ਲਈ ਮਨੁੱਖ ਨੂੰ ਚੰਗੇ ਕਰਮ ਕਰਨੇ ਚਾਹੀਦੇ ਹਨ। ○ ਖੇਤਰਗ – ਜੋ ਇਸ ਖੇਤਰ ਨੂੰ ਜਾਣਦਾ ਹੈ, ਉਸ ਨੂੰ ਖੇਤਰਗ ਕਹਿੰਦੇ ਹਨ। ਉਹ ਆਤਮਾ ਹੈ ਜੋ ਸਰੀਰ ਵਿੱਚ ਰਹਿ ਕੇ ਸਭ ਕੁੱਝ ਦੇਖਦੀ ਹੈ ਪਰ ਆਪ ਨਿਰਲੇਪ ਰਹਿੰਦੀ ਹੈ। ਪਰਮਾਤਮਾ ਸਭ ਖੇਤਰਾਂ ਵਿੱਚ ਖੇਤਰਗ ਰੂਪ ਵਿੱਚ ਵਸਦਾ ਹੈ। ਜੋ ਮਨੁੱਖ ਖੇਤਰ ਅਤੇ ਖੇਤਰਗ ਦੇ ਭੇਦ ਨੂੰ ਸਮਝ ਲੈਂਦਾ ਹੈ, ਉਹੀ ਸੱਚਾ ਗਿਆਨੀ ਹੈ। ○ ਸ਼੍ਰੀ ਰਾਮ ਕ੍ਰਿਸ਼ਨਾ ਦਾ ਕਥਨ ਹੈ : "ਉਪਾਸਕ ਆਪਣੇ ਸਰੀਰ ਦਾ ਧਿਆਨ ਕਿਵੇਂ ਰੱਖੇ ਕਿ ਉਹ ਪ੍ਰਭੂ ਦੀ ਪ੍ਰਾਪਤੀ ਦਾ ਸਾਧਨ ਬਣ ਸਕੇ। ਜਿਸ ਤਰ੍ਹਾਂ ਕਿਸਾਨ ਆਪਣੇ ਖੇਤ ਦਾ ਧਿਆਨ ਰੱਖਦਾ ਹੈ, ਉਸੇ ਤਰ੍ਹਾਂ ਸਾਧਕ ਆਪਣੇ ਸਰੀਰ ਰੂਪੀ ਖੇਤ ਦਾ ਧਿਆਨ ਰੱਖੇ ਤਾਂ ਉਸ ਵਿੱਚ ਈਸ਼ਵਰ ਭਗਤੀ ਦੀ ਫ਼ਸਲ ਉੱਗਦੀ ਹੈ। ਜਿਸ ਕਾਗ਼ਜ਼ ਤੇ ਤੇਲ ਲੱਗਿਆ ਹੋਵੇ ਉਸ ਉੱਤੇ ਕੁੱਝ ਨਹੀਂ ਲਿਖਿਆ ਜਾ ਸਕਦਾ, ਇਸੇ ਤਰ੍ਹਾਂ ਜਿਸ ਮਨ ਤੇ ਕਾਮਨਾਵਾਂ ਦਾ ਤੇਲ ਲੱਗਿਆ ਹੋਵੇ ਉਸ ਉੱਤੇ ਪ੍ਰਭੂ ਦਾ ਨਾਮ ਨਹੀਂ ਲਿਖਿਆ ਜਾ ਸਕਦਾ। ਸਰੀਰ ਮਨ ਅਤੇ ਬੁੱਧੀ ਨੂੰ ਸ਼ੁੱਧ ਕਰਨ ਨਾਲ ਹੀ ਆਤਮਾ ਦਾ ਗਿਆਨ ਪ੍ਰਾਪਤ ਹੁੰਦਾ ਹੈ। ਸ਼ੁੱਧ ਮਨ ਵਿੱਚ ਹੀ ਪ੍ਰਭੂ ਦਾ ਨਿਵਾਸ ਹੁੰਦਾ ਹੈ। ਅੰਤ ਸਰੀਰ ਰੂਪੀ ਇਸ ਖੇਤਰ ਨੂੰ ਇਸ ਤਰ੍ਹਾਂ ਪਵਿੱਤਰ ਰੱਖਣਾ ਚਾਹੀਦਾ ਹੈ ਕਿ ਉਸ ਵਿੱਚ ਪ੍ਰਭੂ ਪਿਆਰ ਦੀ ਫ਼ਸਲ ਉੱਗ ਸਕੇ ਅਤੇ ਜੀਵਨ ਸਫ਼ਲ ਹੋ ਸਕੇ। ਇਸ ਸਰੀਰ ਨਾਲ ਹੀ ਮਨੁੱਖ ਕਰਮ ਕਰਦਾ ਹੈ ਅਤੇ ਇਸੇ ਨਾਲ ਹੀ ਭਗਤੀ ਹੁੰਦੀ ਹੈ। ਕਿਉਂਕਿ ਇਹ ਸਰੀਰ ਪ੍ਰਭੂ ਦਾ ਮੰਦਰ ਹੈ, ਇਸ ਲਈ ਇਸ ਨੂੰ ਸ਼ੁੱਧ ਰੱਖਣਾ ਸਾਡਾ ਫ਼ਰਜ਼ ਹੈ। ਜੋ ਮਨੁੱਖ ਇਸ ਗੱਲ ਨੂੰ ਸਮਝ ਲੈਂਦਾ ਹੈ, ਉਹ ਜੀਵਨ ਵਿੱਚ ਕਦੇ ਨਹੀਂ ਭਟਕਦਾ।"
